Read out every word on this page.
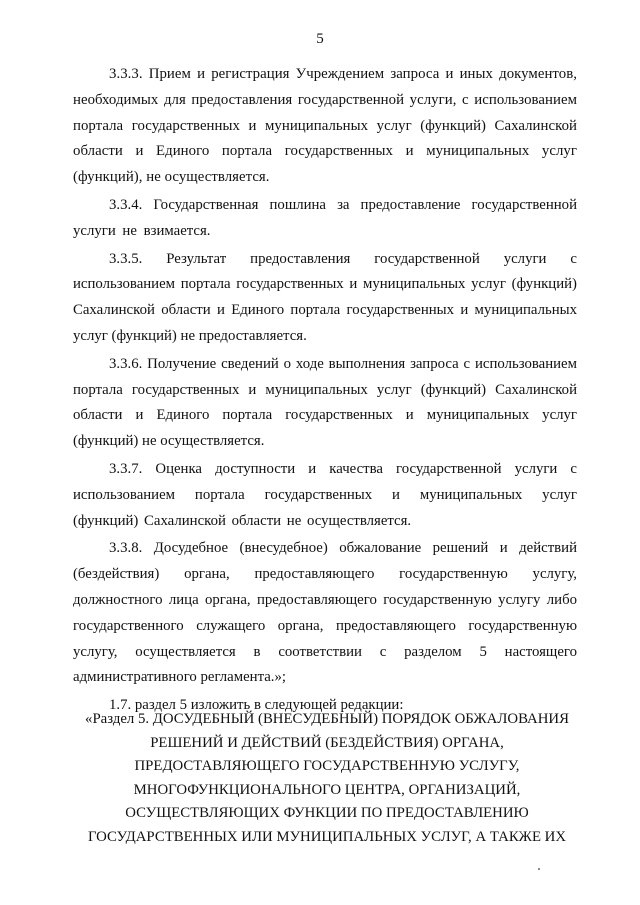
5

3.3.3. Прием и регистрация Учреждением запроса и иных документов, необходимых для предоставления государственной услуги, с использованием портала государственных и муниципальных услуг (функций) Сахалинской области и Единого портала государственных и муниципальных услуг (функций), не осуществляется.

3.3.4. Государственная пошлина за предоставление государственной услуги не взимается.

3.3.5. Результат предоставления государственной услуги с использованием портала государственных и муниципальных услуг (функций) Сахалинской области и Единого портала государственных и муниципальных услуг (функций) не предоставляется.

3.3.6. Получение сведений о ходе выполнения запроса с использованием портала государственных и муниципальных услуг (функций) Сахалинской области и Единого портала государственных и муниципальных услуг (функций) не осуществляется.

3.3.7. Оценка доступности и качества государственной услуги с использованием портала государственных и муниципальных услуг (функций) Сахалинской области не осуществляется.

3.3.8. Досудебное (внесудебное) обжалование решений и действий (бездействия) органа, предоставляющего государственную услугу, должностного лица органа, предоставляющего государственную услугу либо государственного служащего органа, предоставляющего государственную услугу, осуществляется в соответствии с разделом 5 настоящего административного регламента.»;

1.7. раздел 5 изложить в следующей редакции:

«Раздел 5. ДОСУДЕБНЫЙ (ВНЕСУДЕБНЫЙ) ПОРЯДОК ОБЖАЛОВАНИЯ
РЕШЕНИЙ И ДЕЙСТВИЙ (БЕЗДЕЙСТВИЯ) ОРГАНА,
ПРЕДОСТАВЛЯЮЩЕГО ГОСУДАРСТВЕННУЮ УСЛУГУ,
МНОГОФУНКЦИОНАЛЬНОГО ЦЕНТРА, ОРГАНИЗАЦИЙ,
ОСУЩЕСТВЛЯЮЩИХ ФУНКЦИИ ПО ПРЕДОСТАВЛЕНИЮ
ГОСУДАРСТВЕННЫХ ИЛИ МУНИЦИПАЛЬНЫХ УСЛУГ, А ТАКЖЕ ИХ
